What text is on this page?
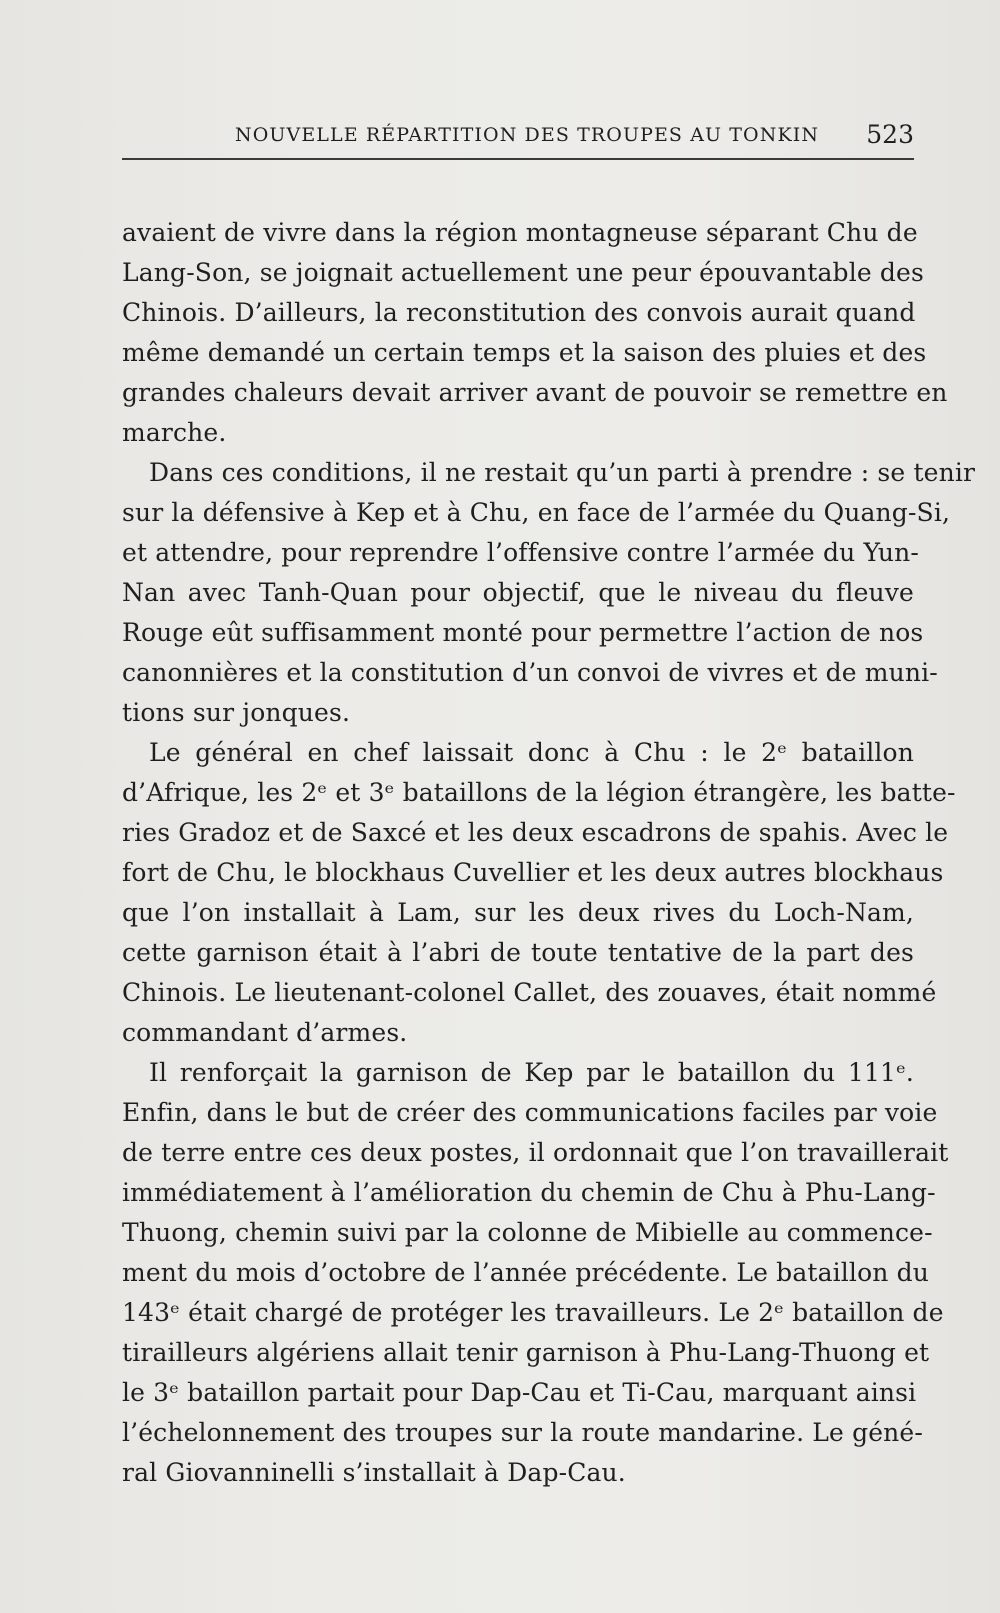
NOUVELLE RÉPARTITION DES TROUPES AU TONKIN 523
avaient de vivre dans la région montagneuse séparant Chu de
Lang-Son, se joignait actuellement une peur épouvantable des
Chinois. D’ailleurs, la reconstitution des convois aurait quand
même demandé un certain temps et la saison des pluies et des
grandes chaleurs devait arriver avant de pouvoir se remettre en
marche.
Dans ces conditions, il ne restait qu’un parti à prendre : se tenir
sur la défensive à Kep et à Chu, en face de l’armée du Quang-Si,
et attendre, pour reprendre l’offensive contre l’armée du Yun-
Nan avec Tanh-Quan pour objectif, que le niveau du fleuve
Rouge eût suffisamment monté pour permettre l’action de nos
canonnières et la constitution d’un convoi de vivres et de muni-
tions sur jonques.
Le général en chef laissait donc à Chu : le 2ᵉ bataillon
d’Afrique, les 2ᵉ et 3ᵉ bataillons de la légion étrangère, les batte-
ries Gradoz et de Saxcé et les deux escadrons de spahis. Avec le
fort de Chu, le blockhaus Cuvellier et les deux autres blockhaus
que l’on installait à Lam, sur les deux rives du Loch-Nam,
cette garnison était à l’abri de toute tentative de la part des
Chinois. Le lieutenant-colonel Callet, des zouaves, était nommé
commandant d’armes.
Il renforçait la garnison de Kep par le bataillon du 111ᵉ.
Enfin, dans le but de créer des communications faciles par voie
de terre entre ces deux postes, il ordonnait que l’on travaillerait
immédiatement à l’amélioration du chemin de Chu à Phu-Lang-
Thuong, chemin suivi par la colonne de Mibielle au commence-
ment du mois d’octobre de l’année précédente. Le bataillon du
143ᵉ était chargé de protéger les travailleurs. Le 2ᵉ bataillon de
tirailleurs algériens allait tenir garnison à Phu-Lang-Thuong et
le 3ᵉ bataillon partait pour Dap-Cau et Ti-Cau, marquant ainsi
l’échelonnement des troupes sur la route mandarine. Le géné-
ral Giovanninelli s’installait à Dap-Cau.
